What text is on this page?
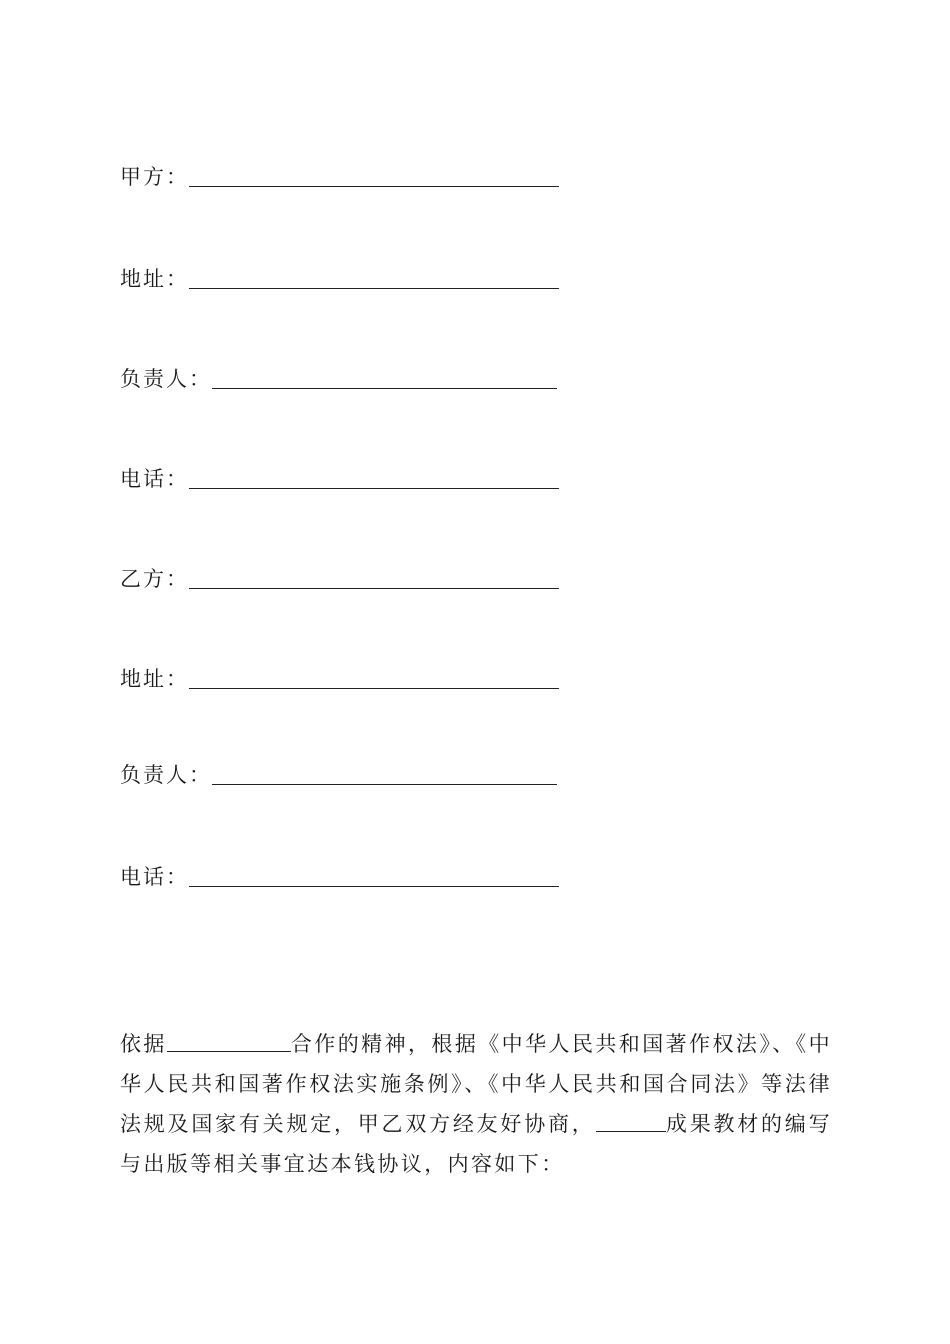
甲方：
地址：
负责人：
电话：
乙方：
地址：
负责人：
电话：

依据	合作的精神，根据《中华人民共和国著作权法》、《中华人民共和国著作权法实施条例》、《中华人民共和国合同法》等法律法规及国家有关规定，甲乙双方经友好协商，	成果教材的编写与出版等相关事宜达本钱协议，内容如下：
